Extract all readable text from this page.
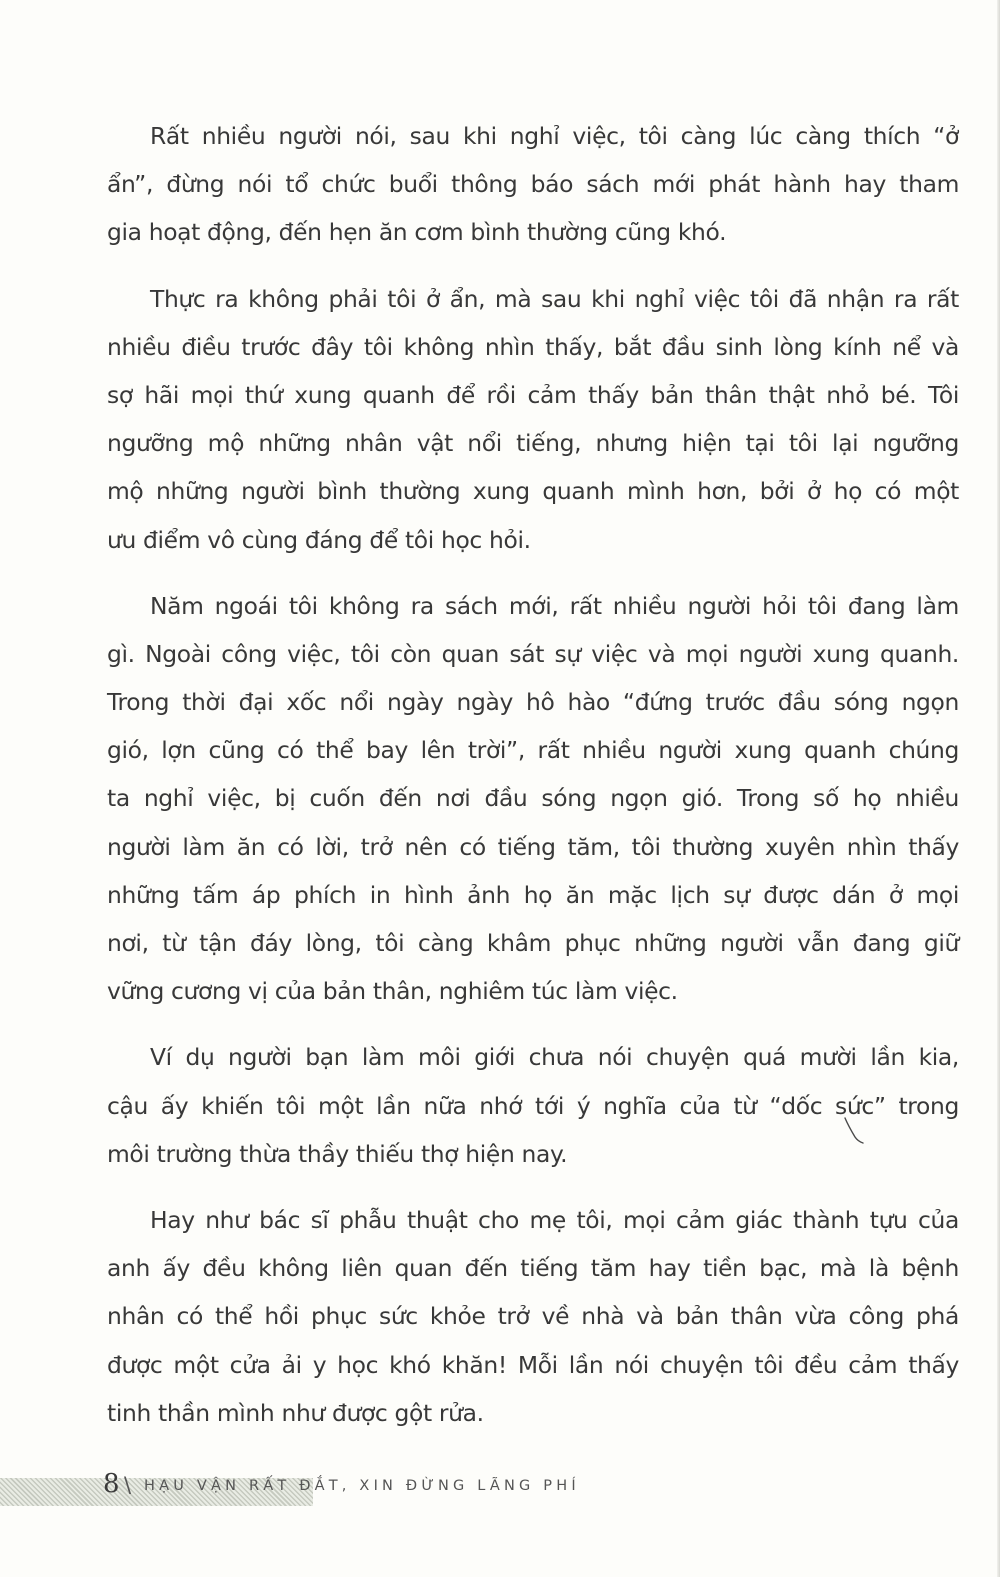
Rất nhiều người nói, sau khi nghỉ việc, tôi càng lúc càng thích “ở
ẩn”, đừng nói tổ chức buổi thông báo sách mới phát hành hay tham
gia hoạt động, đến hẹn ăn cơm bình thường cũng khó.

Thực ra không phải tôi ở ẩn, mà sau khi nghỉ việc tôi đã nhận ra rất
nhiều điều trước đây tôi không nhìn thấy, bắt đầu sinh lòng kính nể và
sợ hãi mọi thứ xung quanh để rồi cảm thấy bản thân thật nhỏ bé. Tôi
ngưỡng mộ những nhân vật nổi tiếng, nhưng hiện tại tôi lại ngưỡng
mộ những người bình thường xung quanh mình hơn, bởi ở họ có một
ưu điểm vô cùng đáng để tôi học hỏi.

Năm ngoái tôi không ra sách mới, rất nhiều người hỏi tôi đang làm
gì. Ngoài công việc, tôi còn quan sát sự việc và mọi người xung quanh.
Trong thời đại xốc nổi ngày ngày hô hào “đứng trước đầu sóng ngọn
gió, lợn cũng có thể bay lên trời”, rất nhiều người xung quanh chúng
ta nghỉ việc, bị cuốn đến nơi đầu sóng ngọn gió. Trong số họ nhiều
người làm ăn có lời, trở nên có tiếng tăm, tôi thường xuyên nhìn thấy
những tấm áp phích in hình ảnh họ ăn mặc lịch sự được dán ở mọi
nơi, từ tận đáy lòng, tôi càng khâm phục những người vẫn đang giữ
vững cương vị của bản thân, nghiêm túc làm việc.

Ví dụ người bạn làm môi giới chưa nói chuyện quá mười lần kia,
cậu ấy khiến tôi một lần nữa nhớ tới ý nghĩa của từ “dốc sức” trong
môi trường thừa thầy thiếu thợ hiện nay.

Hay như bác sĩ phẫu thuật cho mẹ tôi, mọi cảm giác thành tựu của
anh ấy đều không liên quan đến tiếng tăm hay tiền bạc, mà là bệnh
nhân có thể hồi phục sức khỏe trở về nhà và bản thân vừa công phá
được một cửa ải y học khó khăn! Mỗi lần nói chuyện tôi đều cảm thấy
tinh thần mình như được gột rửa.

8 \ HẠU VẬN RẤT ĐẮT, XIN ĐỪNG LÃNG PHÍ
